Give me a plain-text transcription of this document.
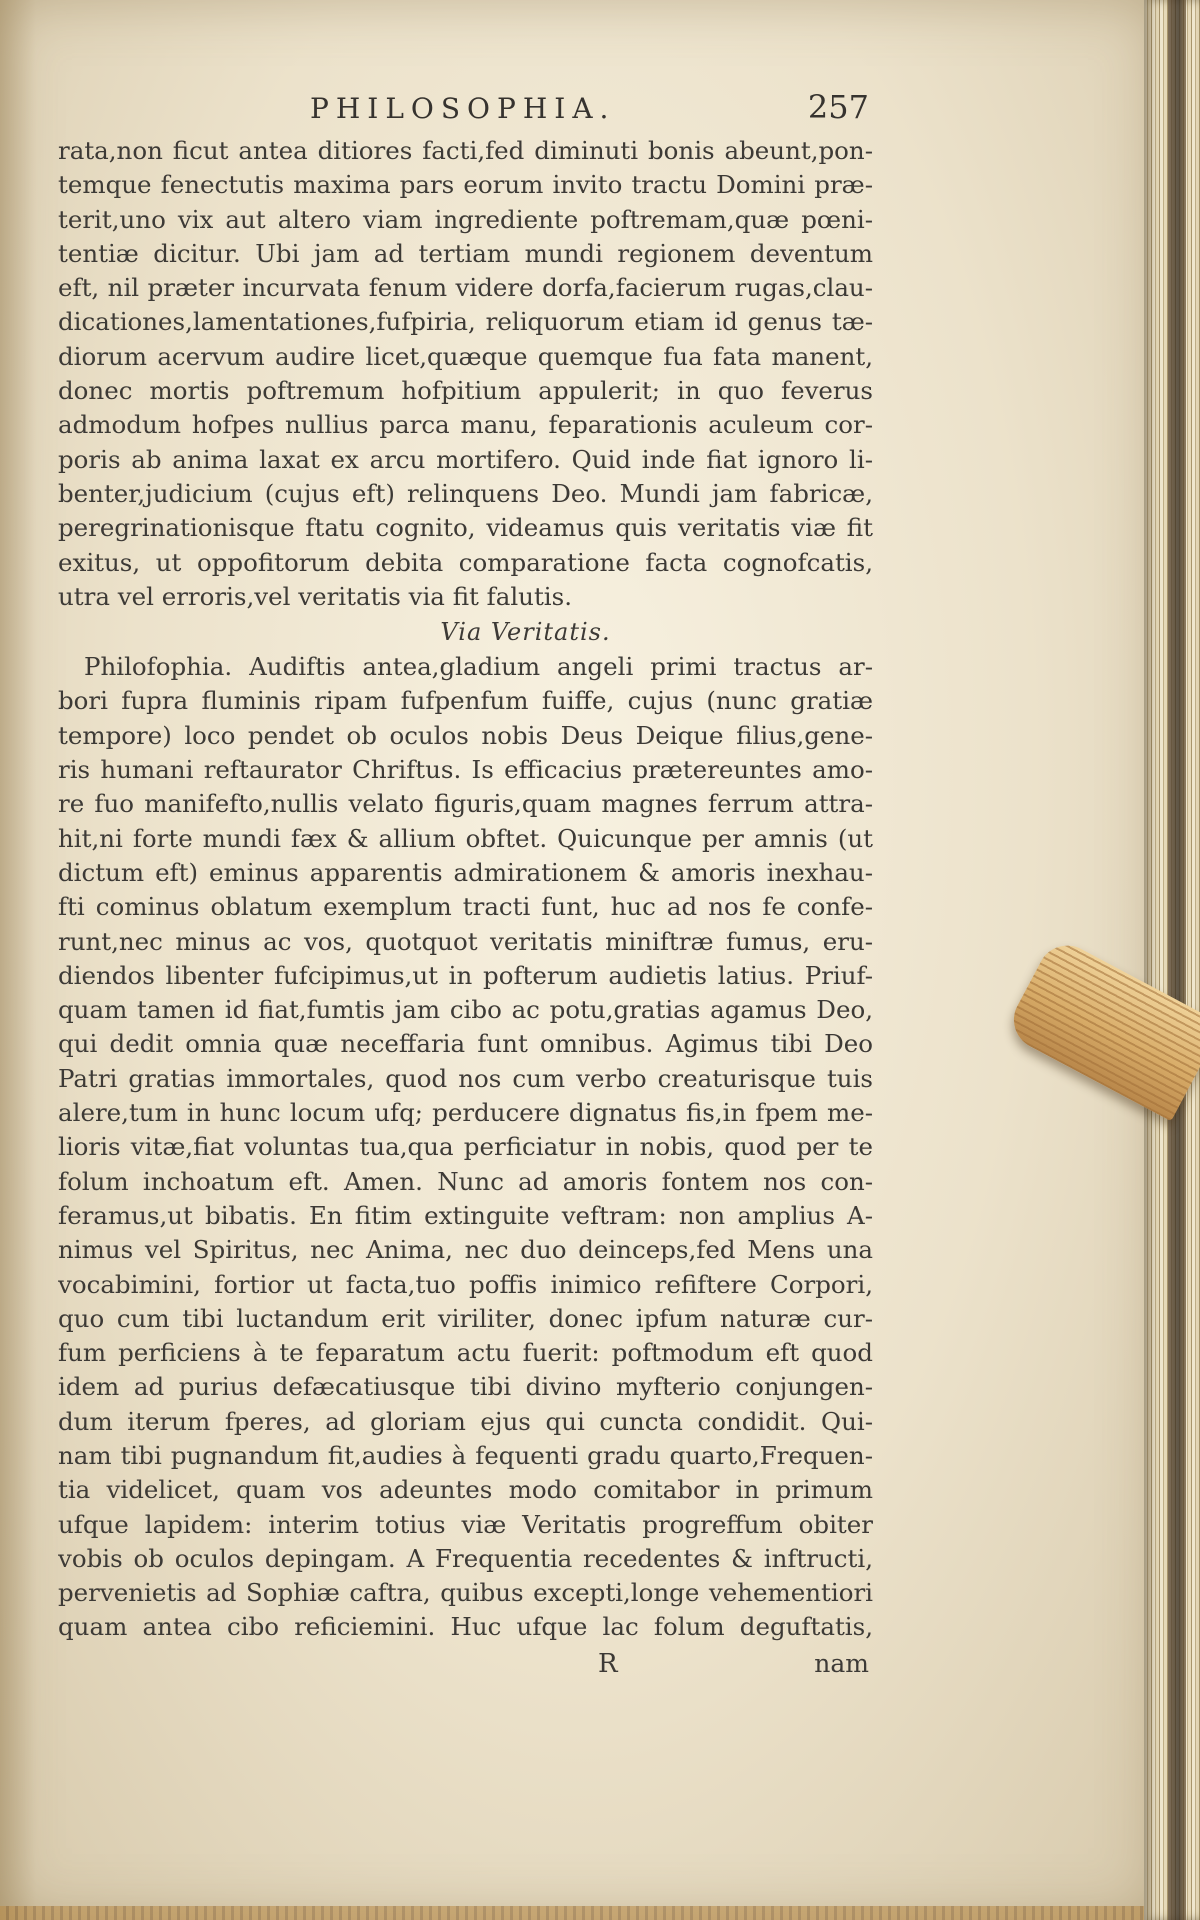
PHILOSOPHIA.	257
rata,non ficut antea ditiores facti,fed diminuti bonis abeunt,pon-
temque fenectutis maxima pars eorum invito tractu Domini præ-
terit,uno vix aut altero viam ingrediente poftremam,quæ pœni-
tentiæ dicitur. Ubi jam ad tertiam mundi regionem deventum
eft, nil præter incurvata fenum videre dorfa,facierum rugas,clau-
dicationes,lamentationes,fufpiria, reliquorum etiam id genus tæ-
diorum acervum audire licet,quæque quemque fua fata manent,
donec mortis poftremum hofpitium appulerit; in quo feverus
admodum hofpes nullius parca manu, feparationis aculeum cor-
poris ab anima laxat ex arcu mortifero. Quid inde fiat ignoro li-
benter,judicium (cujus eft) relinquens Deo. Mundi jam fabricæ,
peregrinationisque ftatu cognito, videamus quis veritatis viæ fit
exitus, ut oppofitorum debita comparatione facta cognofcatis,
utra vel erroris,vel veritatis via fit falutis.
Via Veritatis.
Philofophia. Audiftis antea,gladium angeli primi tractus ar-
bori fupra fluminis ripam fufpenfum fuiffe, cujus (nunc gratiæ
tempore) loco pendet ob oculos nobis Deus Deique filius,gene-
ris humani reftaurator Chriftus. Is efficacius prætereuntes amo-
re fuo manifefto,nullis velato figuris,quam magnes ferrum attra-
hit,ni forte mundi fæx & allium obftet. Quicunque per amnis (ut
dictum eft) eminus apparentis admirationem & amoris inexhau-
fti cominus oblatum exemplum tracti funt, huc ad nos fe confe-
runt,nec minus ac vos, quotquot veritatis miniftræ fumus, eru-
diendos libenter fufcipimus,ut in pofterum audietis latius. Priuf-
quam tamen id fiat,fumtis jam cibo ac potu,gratias agamus Deo,
qui dedit omnia quæ neceffaria funt omnibus. Agimus tibi Deo
Patri gratias immortales, quod nos cum verbo creaturisque tuis
alere,tum in hunc locum ufq; perducere dignatus fis,in fpem me-
lioris vitæ,fiat voluntas tua,qua perficiatur in nobis, quod per te
folum inchoatum eft. Amen. Nunc ad amoris fontem nos con-
feramus,ut bibatis. En fitim extinguite veftram: non amplius A-
nimus vel Spiritus, nec Anima, nec duo deinceps,fed Mens una
vocabimini, fortior ut facta,tuo poffis inimico refiftere Corpori,
quo cum tibi luctandum erit viriliter, donec ipfum naturæ cur-
fum perficiens à te feparatum actu fuerit: poftmodum eft quod
idem ad purius defæcatiusque tibi divino myfterio conjungen-
dum iterum fperes, ad gloriam ejus qui cuncta condidit. Qui-
nam tibi pugnandum fit,audies à fequenti gradu quarto,Frequen-
tia videlicet, quam vos adeuntes modo comitabor in primum
ufque lapidem: interim totius viæ Veritatis progreffum obiter
vobis ob oculos depingam. A Frequentia recedentes & inftructi,
pervenietis ad Sophiæ caftra, quibus excepti,longe vehementiori
quam antea cibo reficiemini. Huc ufque lac folum deguftatis,
R	nam
